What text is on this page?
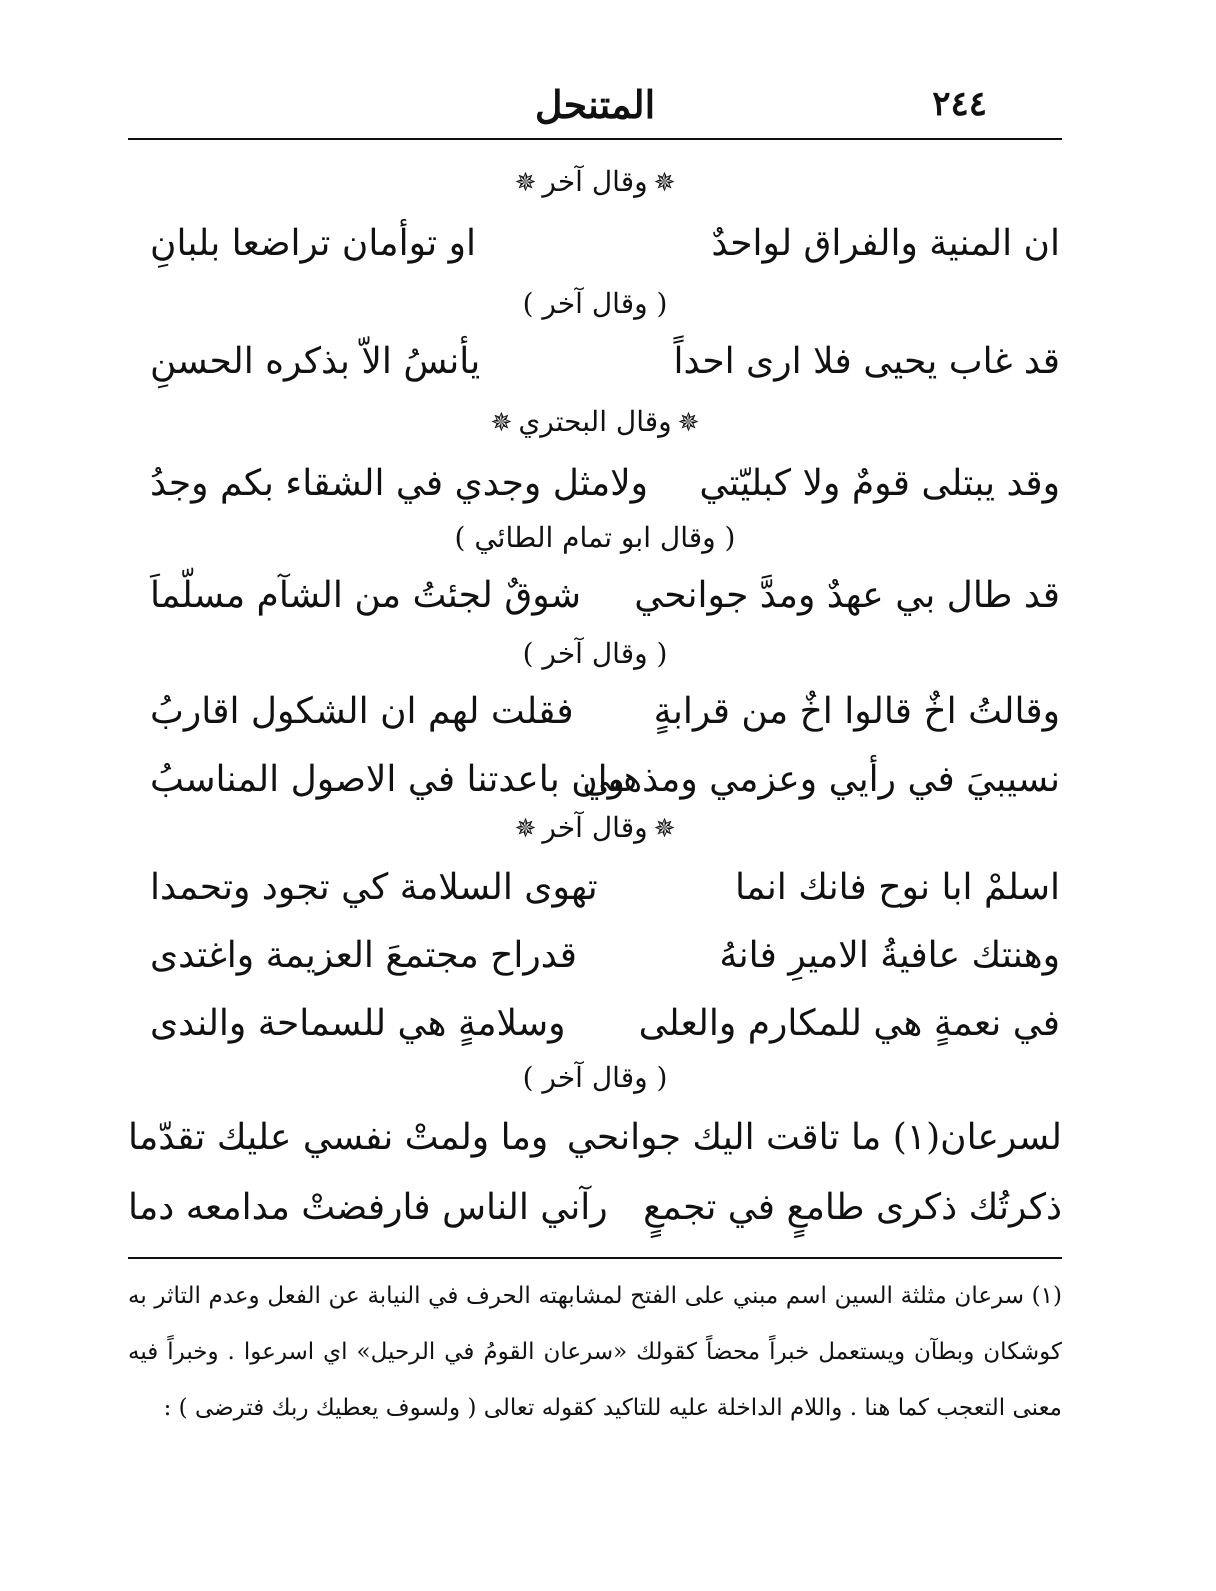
٢٤٤
المتنحل
✵وقال آخر✵
ان المنية والفراق لواحدٌ
او توأمان تراضعا بلبانِ
( وقال آخر )
قد غاب يحيى فلا ارى احداً
يأنسُ الاّ بذكره الحسنِ
✵وقال البحتري✵
وقد يبتلى قومٌ ولا كبليّتي
ولامثل وجدي في الشقاء بكم وجدُ
( وقال ابو تمام الطائي )
قد طال بي عهدٌ ومدَّ جوانحي
شوقٌ لجئتُ من الشآم مسلّماَ
( وقال آخر )
وقالتُ اخٌ قالوا اخٌ من قرابةٍ
فقلت لهم ان الشكول اقاربُ
نسيبيَ في رأيي وعزمي ومذهبي
وان باعدتنا في الاصول المناسبُ
✵وقال آخر✵
اسلمْ ابا نوح فانك انما
تهوى السلامة كي تجود وتحمدا
وهنتك عافيةُ الاميرِ فانهُ
قدراح مجتمعَ العزيمة واغتدى
في نعمةٍ هي للمكارم والعلى
وسلامةٍ هي للسماحة والندى
( وقال آخر )
لسرعان(١) ما تاقت اليك جوانحي
وما ولمتْ نفسي عليك تقدّما
ذكرتُك ذكرى طامعٍ في تجمعٍ
رآني الناس فارفضتْ مدامعه دما
(١) سرعان مثلثة السين اسم مبني على الفتح لمشابهته الحرف في النيابة عن الفعل وعدم التاثر به كوشكان وبطآن ويستعمل خبراً محضاً كقولك «سرعان القومُ في الرحيل» اي اسرعوا . وخبراً فيه معنى التعجب كما هنا . واللام الداخلة عليه للتاكيد كقوله تعالى ( ولسوف يعطيك ربك فترضى ) :
